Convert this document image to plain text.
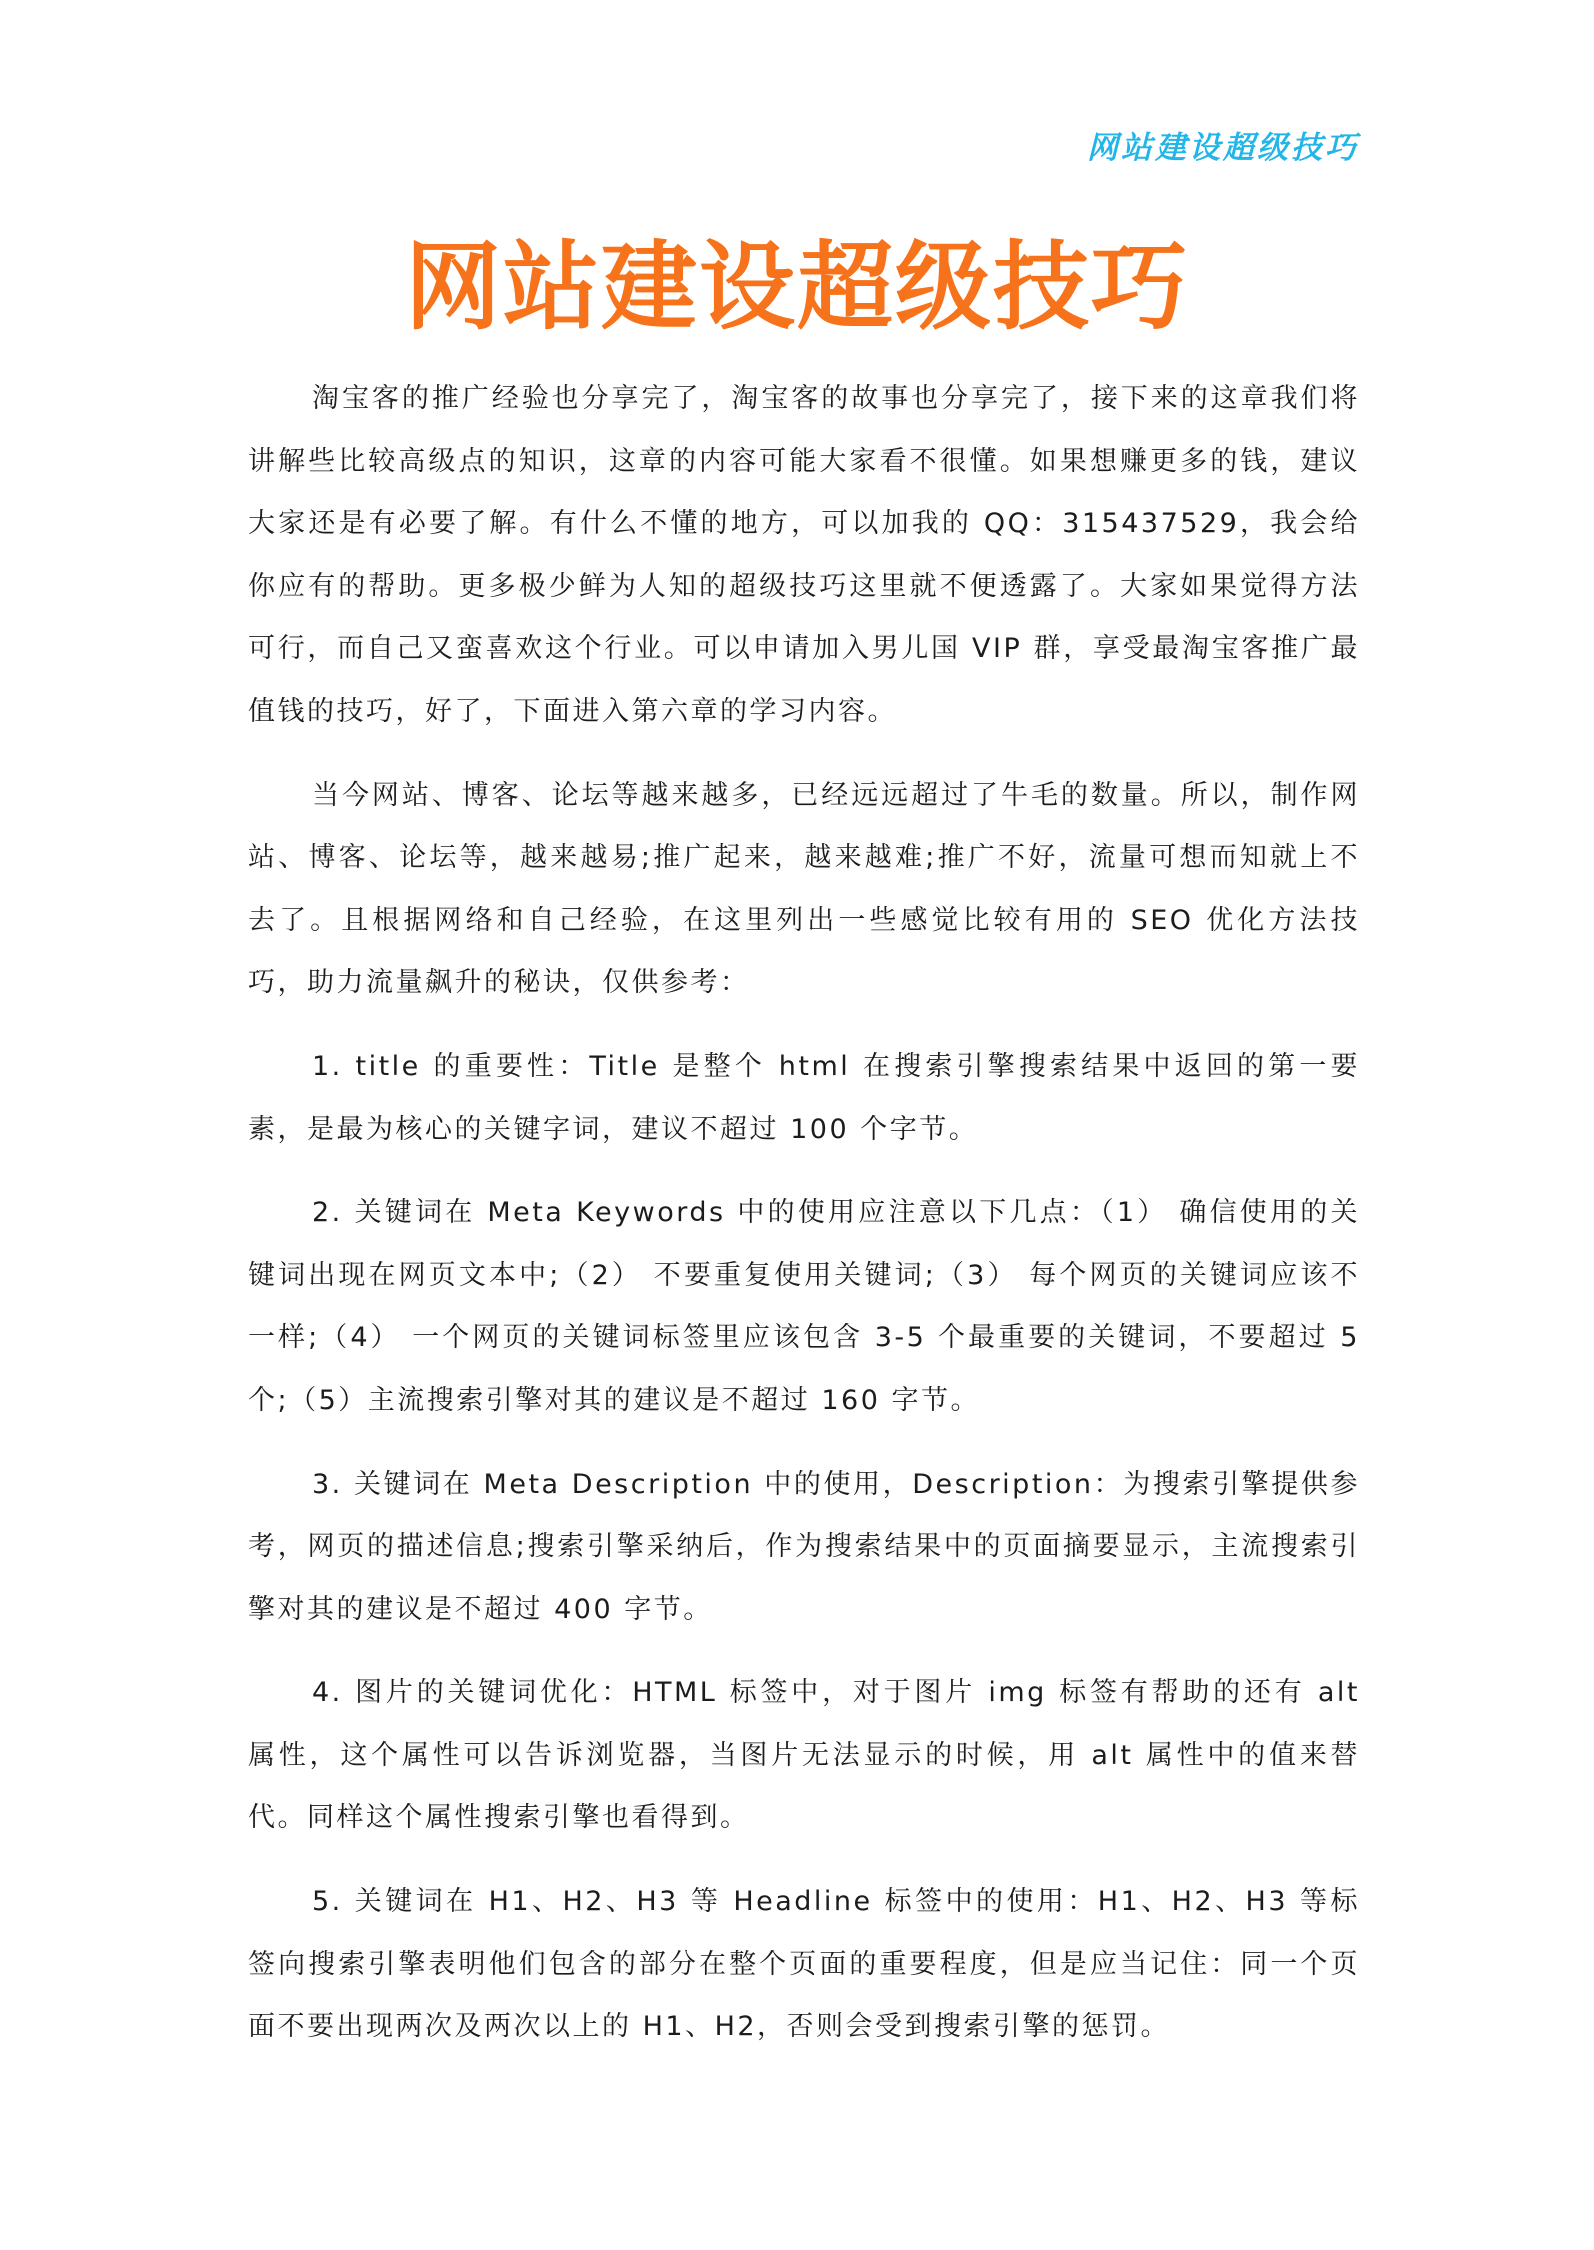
网站建设超级技巧
网站建设超级技巧

淘宝客的推广经验也分享完了，淘宝客的故事也分享完了，接下来的这章我们将讲解些比较高级点的知识，这章的内容可能大家看不很懂。如果想赚更多的钱，建议大家还是有必要了解。有什么不懂的地方，可以加我的 QQ：315437529，我会给你应有的帮助。更多极少鲜为人知的超级技巧这里就不便透露了。大家如果觉得方法可行，而自己又蛮喜欢这个行业。可以申请加入男儿国 VIP 群，享受最淘宝客推广最值钱的技巧，好了，下面进入第六章的学习内容。

当今网站、博客、论坛等越来越多，已经远远超过了牛毛的数量。所以，制作网站、博客、论坛等，越来越易;推广起来，越来越难;推广不好，流量可想而知就上不去了。且根据网络和自己经验，在这里列出一些感觉比较有用的 SEO 优化方法技巧，助力流量飙升的秘诀，仅供参考：

1. title 的重要性：Title 是整个 html 在搜索引擎搜索结果中返回的第一要素，是最为核心的关键字词，建议不超过 100 个字节。

2. 关键词在 Meta Keywords 中的使用应注意以下几点：（1） 确信使用的关键词出现在网页文本中;（2） 不要重复使用关键词;（3） 每个网页的关键词应该不一样;（4） 一个网页的关键词标签里应该包含 3-5 个最重要的关键词，不要超过 5 个;（5）主流搜索引擎对其的建议是不超过 160 字节。

3. 关键词在 Meta Description 中的使用，Description：为搜索引擎提供参考，网页的描述信息;搜索引擎采纳后，作为搜索结果中的页面摘要显示，主流搜索引擎对其的建议是不超过 400 字节。

4. 图片的关键词优化：HTML 标签中，对于图片 img 标签有帮助的还有 alt 属性，这个属性可以告诉浏览器，当图片无法显示的时候，用 alt 属性中的值来替代。同样这个属性搜索引擎也看得到。

5. 关键词在 H1、H2、H3 等 Headline 标签中的使用：H1、H2、H3 等标签向搜索引擎表明他们包含的部分在整个页面的重要程度，但是应当记住：同一个页面不要出现两次及两次以上的 H1、H2，否则会受到搜索引擎的惩罚。
